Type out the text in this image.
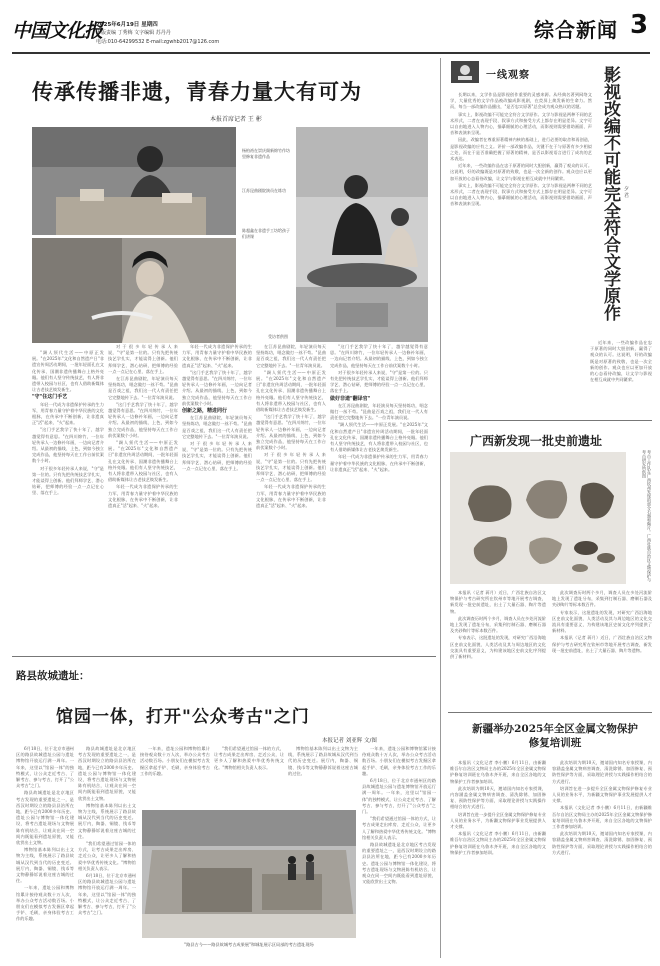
中国文化报
2025年6月19日 星期四
本版责编 丁秀梅 文字编辑 苏丹丹
电话:010-64299532 E-mail:zgwhb2017@126.com	综合新闻 3
传承传播非遗，青春力量大有可为
本报首席记者 王 彬
杨柏裕在崇庆阁新绵竹作坊里修复非遗作品
江苏昆曲剧院演员在练功
陈超鑫在非遗手工坊给孩子们讲课
受访者供图

"踢人须代生活——中原正发展。"在2025年"文化和自然遗产日"非遗宣传周活动期间，一批年轻面孔在文化传承、国潮非遗传播舞台上格外亮眼。他们有人坚守传统技艺，有人将非遗带入校园与社区，也有人借助新媒体让古老技艺焕发新生。

"守"住这门手艺

年轻一代成为非遗保护传承的生力军，用青春力量守护着中华民族的文化根脉，在传承中不断创新，让非遗真正"活"起来、"火"起来。

"这门手艺我学了快十年了，越学越觉得有意思。"在四川绵竹，一位年轻传承人一边修补年画，一边向记者介绍。从最初的描线、上色，到如今独立完成作品，他坚持每天在工作台前伏案数个小时。

对于很多年轻传承人来说，"守"是第一位的。只有先把传统技艺学扎实，才能谈得上创新。他们拜师学艺、潜心钻研，把师傅的经验一点一点记在心里、落在手上。

对于很多年轻传承人来说，"守"是第一位的。只有先把传统技艺学扎实，才能谈得上创新。他们拜师学艺、潜心钻研，把师傅的经验一点一点记在心里、落在手上。

在江苏昆曲剧院，年轻演员每天坚持练功，唱念做打一丝不苟。"昆曲是百戏之祖，我们这一代人有责任把它完整地传下去。"一位青年演员说。

"这门手艺我学了快十年了，越学越觉得有意思。"在四川绵竹，一位年轻传承人一边修补年画，一边向记者介绍。从最初的描线、上色，到如今独立完成作品，他坚持每天在工作台前伏案数个小时。

"踢人须代生活——中原正发展。"在2025年"文化和自然遗产日"非遗宣传周活动期间，一批年轻面孔在文化传承、国潮非遗传播舞台上格外亮眼。他们有人坚守传统技艺，有人将非遗带入校园与社区，也有人借助新媒体让古老技艺焕发新生。

年轻一代成为非遗保护传承的生力军，用青春力量守护着中华民族的文化根脉，在传承中不断创新，让非遗真正"活"起来、"火"起来。

年轻一代成为非遗保护传承的生力军，用青春力量守护着中华民族的文化根脉，在传承中不断创新，让非遗真正"活"起来、"火"起来。

"这门手艺我学了快十年了，越学越觉得有意思。"在四川绵竹，一位年轻传承人一边修补年画，一边向记者介绍。从最初的描线、上色，到如今独立完成作品，他坚持每天在工作台前伏案数个小时。

创新之路，精进同行

在江苏昆曲剧院，年轻演员每天坚持练功，唱念做打一丝不苟。"昆曲是百戏之祖，我们这一代人有责任把它完整地传下去。"一位青年演员说。

对于很多年轻传承人来说，"守"是第一位的。只有先把传统技艺学扎实，才能谈得上创新。他们拜师学艺、潜心钻研，把师傅的经验一点一点记在心里、落在手上。

在江苏昆曲剧院，年轻演员每天坚持练功，唱念做打一丝不苟。"昆曲是百戏之祖，我们这一代人有责任把它完整地传下去。"一位青年演员说。

"踢人须代生活——中原正发展。"在2025年"文化和自然遗产日"非遗宣传周活动期间，一批年轻面孔在文化传承、国潮非遗传播舞台上格外亮眼。他们有人坚守传统技艺，有人将非遗带入校园与社区，也有人借助新媒体让古老技艺焕发新生。

"这门手艺我学了快十年了，越学越觉得有意思。"在四川绵竹，一位年轻传承人一边修补年画，一边向记者介绍。从最初的描线、上色，到如今独立完成作品，他坚持每天在工作台前伏案数个小时。

对于很多年轻传承人来说，"守"是第一位的。只有先把传统技艺学扎实，才能谈得上创新。他们拜师学艺、潜心钻研，把师傅的经验一点一点记在心里、落在手上。

年轻一代成为非遗保护传承的生力军，用青春力量守护着中华民族的文化根脉，在传承中不断创新，让非遗真正"活"起来、"火"起来。

"这门手艺我学了快十年了，越学越觉得有意思。"在四川绵竹，一位年轻传承人一边修补年画，一边向记者介绍。从最初的描线、上色，到如今独立完成作品，他坚持每天在工作台前伏案数个小时。

对于很多年轻传承人来说，"守"是第一位的。只有先把传统技艺学扎实，才能谈得上创新。他们拜师学艺、潜心钻研，把师傅的经验一点一点记在心里、落在手上。

做好非遗"翻译官"

在江苏昆曲剧院，年轻演员每天坚持练功，唱念做打一丝不苟。"昆曲是百戏之祖，我们这一代人有责任把它完整地传下去。"一位青年演员说。

"踢人须代生活——中原正发展。"在2025年"文化和自然遗产日"非遗宣传周活动期间，一批年轻面孔在文化传承、国潮非遗传播舞台上格外亮眼。他们有人坚守传统技艺，有人将非遗带入校园与社区，也有人借助新媒体让古老技艺焕发新生。

年轻一代成为非遗保护传承的生力军，用青春力量守护着中华民族的文化根脉，在传承中不断创新，让非遗真正"活"起来、"火"起来。

一线观察	影视改编不可能完全符合文学原作 夕 君

长期以来，文学作品是影视创作重要的灵感来源。从经典名著到网络文学，大量优秀的文学作品被改编成影视剧，在荧屏上焕发新的生命力。然而，每当一部改编作品播出，"是否忠实原著"总会成为观众热议的话题。

事实上，影视改编不可能完全符合文学原作。文学与影视是两种不同的艺术形式，二者在表现手段、叙事方式和接受方式上都存在明显差异。文字可以自由地进入人物内心，描摹细腻的心理活动，而影视则需要借助画面、声音和表演来呈现。

因此，改编者在尊重原著精神内核的基础上，进行必要的取舍和再创造，是影视改编的应有之义。评价一部改编作品，关键不在于与原著有多少相似之处，而在于是否准确把握了原著的精神，是否以影视语言进行了成功的艺术表达。

近年来，一些改编作品在忠于原著的同时大胆创新，赢得了观众的认可。这说明，好的改编既是对原著的致敬，也是一次全新的创作。观众也应以更加开放的心态看待改编，让文学与影视在相互成就中共同繁荣。

事实上，影视改编不可能完全符合文学原作。文学与影视是两种不同的艺术形式，二者在表现手段、叙事方式和接受方式上都存在明显差异。文字可以自由地进入人物内心，描摹细腻的心理活动，而影视则需要借助画面、声音和表演来呈现。

近年来，一些改编作品在忠于原著的同时大胆创新，赢得了观众的认可。这说明，好的改编既是对原著的致敬，也是一次全新的创作。观众也应以更加开放的心态看待改编，让文学与影视在相互成就中共同繁荣。

广西新发现一批史前遗址
考古工作队在广西钦州发现的部分石器和陶片。广西壮族自治区文物保护与考古研究所供图

本报讯（记者 蒋月）近日，广西壮族自治区文物保护与考古研究所在钦州市等地开展考古调查，新发现一批史前遗址，出土了大量石器、陶片等遗物。

此次调查历时两个多月，调查人员在多处河流阶地上发现了遗址分布，采集到打制石器、磨制石器及夹砂陶片等标本数百件。

专家表示，这批遗址的发现，对研究广西沿海地区史前文化面貌、人类活动及其与周边地区的文化交流具有重要意义，为构建该地区史前文化序列提供了新材料。

此次调查历时两个多月，调查人员在多处河流阶地上发现了遗址分布，采集到打制石器、磨制石器及夹砂陶片等标本数百件。

专家表示，这批遗址的发现，对研究广西沿海地区史前文化面貌、人类活动及其与周边地区的文化交流具有重要意义，为构建该地区史前文化序列提供了新材料。

本报讯（记者 蒋月）近日，广西壮族自治区文物保护与考古研究所在钦州市等地开展考古调查，新发现一批史前遗址，出土了大量石器、陶片等遗物。

新疆举办2025年全区金属文物保护修复培训班

本报讯（文化记者 李小鹏）6月11日，由新疆维吾尔自治区文物局主办的2025年全区金属文物保护修复培训班在乌鲁木齐开班，来自全区各地的文物保护工作者参加培训。

此次培训为期10天，邀请国内知名专家授课，内容涵盖金属文物病害调查、清洗除锈、加固修复、预防性保护等方面，采取理论讲授与实践操作相结合的方式进行。

培训旨在进一步提升全区金属文物保护修复专业人员的业务水平，为新疆文物保护事业发展提供人才支撑。

本报讯（文化记者 李小鹏）6月11日，由新疆维吾尔自治区文物局主办的2025年全区金属文物保护修复培训班在乌鲁木齐开班，来自全区各地的文物保护工作者参加培训。

此次培训为期10天，邀请国内知名专家授课，内容涵盖金属文物病害调查、清洗除锈、加固修复、预防性保护等方面，采取理论讲授与实践操作相结合的方式进行。

培训旨在进一步提升全区金属文物保护修复专业人员的业务水平，为新疆文物保护事业发展提供人才支撑。

本报讯（文化记者 李小鹏）6月11日，由新疆维吾尔自治区文物局主办的2025年全区金属文物保护修复培训班在乌鲁木齐开班，来自全区各地的文物保护工作者参加培训。

此次培训为期10天，邀请国内知名专家授课，内容涵盖金属文物病害调查、清洗除锈、加固修复、预防性保护等方面，采取理论讲授与实践操作相结合的方式进行。

路县故城遗址：
馆园一体，打开"公众考古"之门
本报记者 刘亚辉 文/图

6月18日，位于北京市通州区的路县故城遗址公园与遗址博物馆开放运行满一周年。一年来，这里以"馆园一体"的独特模式，让公众走近考古、了解考古、参与考古，打开了"公众考古"之门。

路县故城遗址是北京地区考古发现的重要遗址之一，是西汉时期设立的路县县治所在地，距今已有2000多年历史。遗址公园与博物馆一体化建设，将考古遗址现场与文物展陈有机结合，让观众在同一空间内既能看到遗址原貌，又能欣赏出土文物。

博物馆基本陈列以出土文物为主线，系统展示了路县故城从汉代到当代的历史变迁。展厅内，陶器、铜镜、钱币等文物静静诉说着这座古城的过往。

一年来，遗址公园和博物馆累计接待观众数十万人次，举办公众考古活动数百场。小朋友们在模拟考古发掘区拿起手铲、毛刷，亲身体验考古工作的乐趣。

路县故城遗址是北京地区考古发现的重要遗址之一，是西汉时期设立的路县县治所在地，距今已有2000多年历史。遗址公园与博物馆一体化建设，将考古遗址现场与文物展陈有机结合，让观众在同一空间内既能看到遗址原貌，又能欣赏出土文物。

博物馆基本陈列以出土文物为主线，系统展示了路县故城从汉代到当代的历史变迁。展厅内，陶器、铜镜、钱币等文物静静诉说着这座古城的过往。

"我们希望通过馆园一体的方式，让考古成果走出库房、走近公众，让更多人了解和热爱中华优秀传统文化。"博物馆相关负责人表示。

6月18日，位于北京市通州区的路县故城遗址公园与遗址博物馆开放运行满一周年。一年来，这里以"馆园一体"的独特模式，让公众走近考古、了解考古、参与考古，打开了"公众考古"之门。

一年来，遗址公园和博物馆累计接待观众数十万人次，举办公众考古活动数百场。小朋友们在模拟考古发掘区拿起手铲、毛刷，亲身体验考古工作的乐趣。

"我们希望通过馆园一体的方式，让考古成果走出库房、走近公众，让更多人了解和热爱中华优秀传统文化。"博物馆相关负责人表示。

博物馆基本陈列以出土文物为主线，系统展示了路县故城从汉代到当代的历史变迁。展厅内，陶器、铜镜、钱币等文物静静诉说着这座古城的过往。

一年来，遗址公园和博物馆累计接待观众数十万人次，举办公众考古活动数百场。小朋友们在模拟考古发掘区拿起手铲、毛刷，亲身体验考古工作的乐趣。

6月18日，位于北京市通州区的路县故城遗址公园与遗址博物馆开放运行满一周年。一年来，这里以"馆园一体"的独特模式，让公众走近考古、了解考古、参与考古，打开了"公众考古"之门。

"我们希望通过馆园一体的方式，让考古成果走出库房、走近公众，让更多人了解和热爱中华优秀传统文化。"博物馆相关负责人表示。

路县故城遗址是北京地区考古发现的重要遗址之一，是西汉时期设立的路县县治所在地，距今已有2000多年历史。遗址公园与博物馆一体化建设，将考古遗址现场与文物展陈有机结合，让观众在同一空间内既能看到遗址原貌，又能欣赏出土文物。

"路县古今——路县故城考古成果展"和城址展示区局部的考古遗址现场
